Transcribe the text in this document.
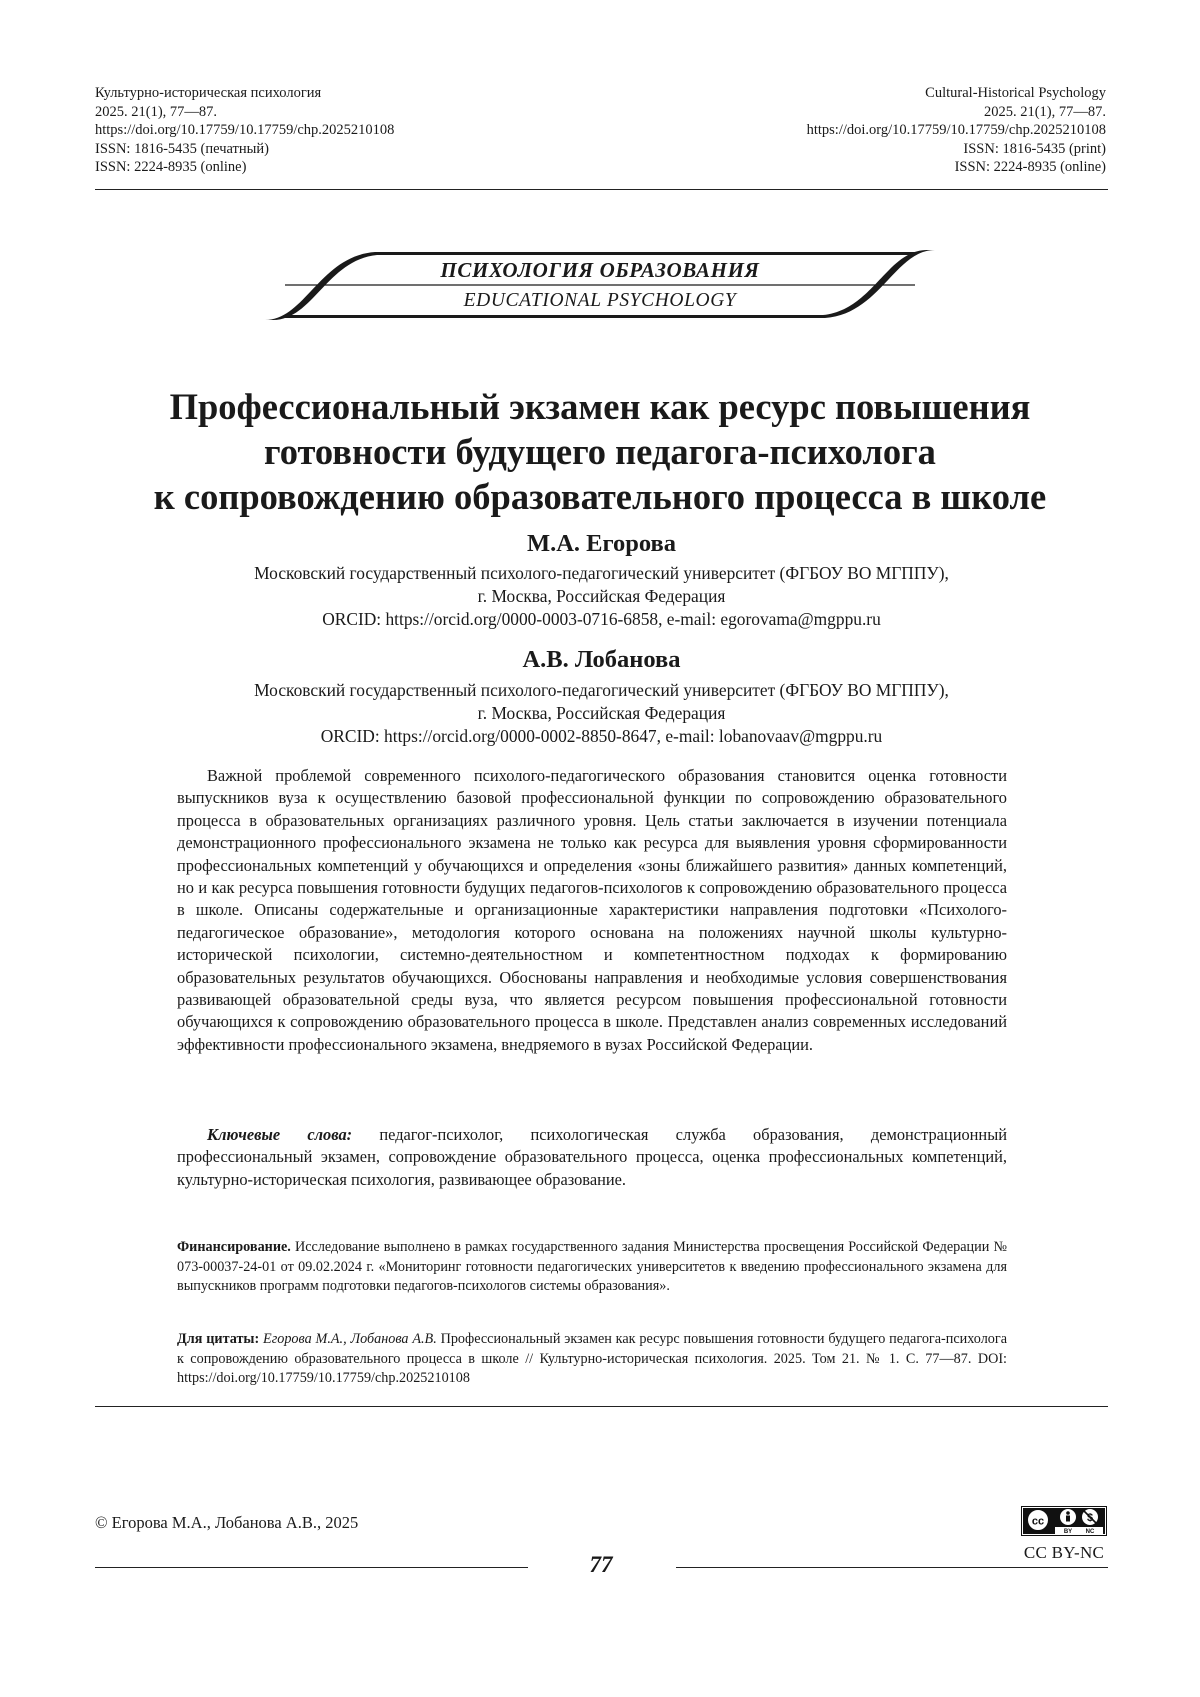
Культурно-историческая психология
2025. 21(1), 77—87.
https://doi.org/10.17759/10.17759/chp.2025210108
ISSN: 1816-5435 (печатный)
ISSN: 2224-8935 (online)
Cultural-Historical Psychology
2025. 21(1), 77—87.
https://doi.org/10.17759/10.17759/chp.2025210108
ISSN: 1816-5435 (print)
ISSN: 2224-8935 (online)
ПСИХОЛОГИЯ ОБРАЗОВАНИЯ
EDUCATIONAL PSYCHOLOGY
Профессиональный экзамен как ресурс повышения
готовности будущего педагога-психолога
к сопровождению образовательного процесса в школе
М.А. Егорова
Московский государственный психолого-педагогический университет (ФГБОУ ВО МГППУ),
г. Москва, Российская Федерация
ORCID: https://orcid.org/0000-0003-0716-6858, e-mail: egorovama@mgppu.ru
А.В. Лобанова
Московский государственный психолого-педагогический университет (ФГБОУ ВО МГППУ),
г. Москва, Российская Федерация
ORCID: https://orcid.org/0000-0002-8850-8647, e-mail: lobanovaav@mgppu.ru

Важной проблемой современного психолого-педагогического образования становится оценка готовности выпускников вуза к осуществлению базовой профессиональной функции по сопровождению образовательного процесса в образовательных организациях различного уровня. Цель статьи заключается в изучении потенциала демонстрационного профессионального экзамена не только как ресурса для выявления уровня сформированности профессиональных компетенций у обучающихся и определения «зоны ближайшего развития» данных компетенций, но и как ресурса повышения готовности будущих педагогов-психологов к сопровождению образовательного процесса в школе. Описаны содержательные и организационные характеристики направления подготовки «Психолого-педагогическое образование», методология которого основана на положениях научной школы культурно-исторической психологии, системно-деятельностном и компетентностном подходах к формированию образовательных результатов обучающихся. Обоснованы направления и необходимые условия совершенствования развивающей образовательной среды вуза, что является ресурсом повышения профессиональной готовности обучающихся к сопровождению образовательного процесса в школе. Представлен анализ современных исследований эффективности профессионального экзамена, внедряемого в вузах Российской Федерации.

Ключевые слова: педагог-психолог, психологическая служба образования, демонстрационный профессиональный экзамен, сопровождение образовательного процесса, оценка профессиональных компетенций, культурно-историческая психология, развивающее образование.

Финансирование. Исследование выполнено в рамках государственного задания Министерства просвещения Российской Федерации № 073-00037-24-01 от 09.02.2024 г. «Мониторинг готовности педагогических университетов к введению профессионального экзамена для выпускников программ подготовки педагогов-психологов системы образования».

Для цитаты: Егорова М.А., Лобанова А.В. Профессиональный экзамен как ресурс повышения готовности будущего педагога-психолога к сопровождению образовательного процесса в школе // Культурно-историческая психология. 2025. Том 21. № 1. С. 77—87. DOI: https://doi.org/10.17759/10.17759/chp.2025210108

© Егорова М.А., Лобанова А.В., 2025	cc
BY NC
CC BY-NC
77
